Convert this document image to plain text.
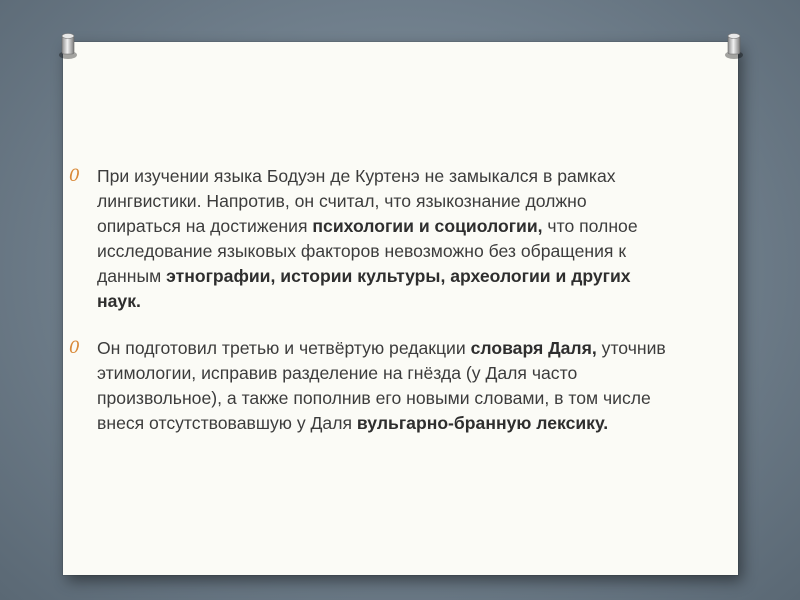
0 При изучении языка Бодуэн де Куртенэ не замыкался в рамках лингвистики. Напротив, он считал, что языкознание должно опираться на достижения психологии и социологии, что полное исследование языковых факторов невозможно без обращения к данным этнографии, истории культуры, археологии и других наук.
0 Он подготовил третью и четвёртую редакции словаря Даля, уточнив этимологии, исправив разделение на гнёзда (у Даля часто произвольное), а также пополнив его новыми словами, в том числе внеся отсутствовавшую у Даля вульгарно-бранную лексику.
